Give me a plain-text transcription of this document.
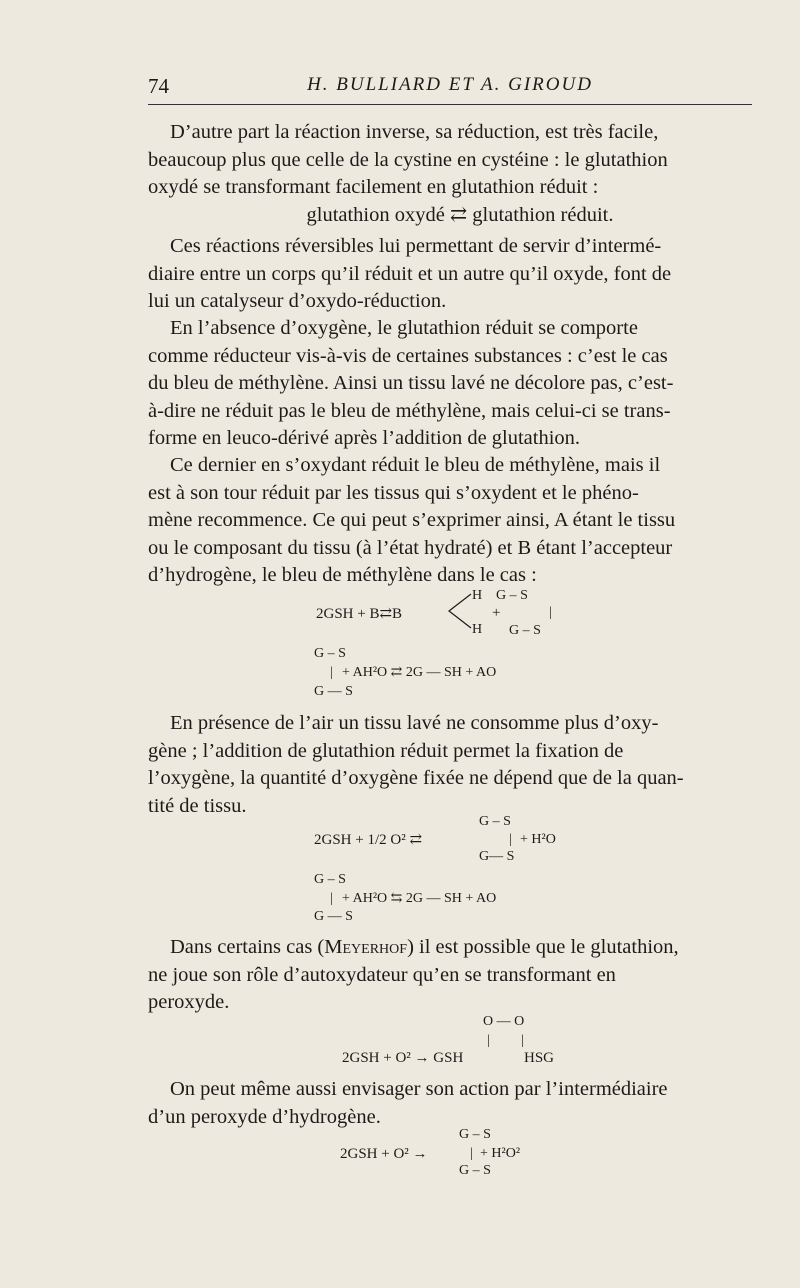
74	H. BULLIARD ET A. GIROUD

D’autre part la réaction inverse, sa réduction, est très facile,
beaucoup plus que celle de la cystine en cystéine : le glutathion
oxydé se transformant facilement en glutathion réduit :

glutathion oxydé ⇄ glutathion réduit.

Ces réactions réversibles lui permettant de servir d’intermé-
diaire entre un corps qu’il réduit et un autre qu’il oxyde, font de
lui un catalyseur d’oxydo-réduction.

En l’absence d’oxygène, le glutathion réduit se comporte
comme réducteur vis-à-vis de certaines substances : c’est le cas
du bleu de méthylène. Ainsi un tissu lavé ne décolore pas, c’est-
à-dire ne réduit pas le bleu de méthylène, mais celui-ci se trans-
forme en leuco-dérivé après l’addition de glutathion.

Ce dernier en s’oxydant réduit le bleu de méthylène, mais il
est à son tour réduit par les tissus qui s’oxydent et le phéno-
mène recommence. Ce qui peut s’exprimer ainsi, A étant le tissu
ou le composant du tissu (à l’état hydraté) et B étant l’accepteur
d’hydrogène, le bleu de méthylène dans le cas :

H G – S
2GSH + B⇄B	+	|
H G – S
G – S
| + AH²O ⇄ 2G — SH + AO
G — S

En présence de l’air un tissu lavé ne consomme plus d’oxy-
gène ; l’addition de glutathion réduit permet la fixation de
l’oxygène, la quantité d’oxygène fixée ne dépend que de la quan-
tité de tissu.

G – S
2GSH + 1/2 O² ⇄	| + H²O
G— S
G – S
| + AH²O ⇆ 2G — SH + AO
G — S

Dans certains cas (Meyerhof) il est possible que le glutathion,
ne joue son rôle d’autoxydateur qu’en se transformant en
peroxyde.

O — O
|         |
2GSH + O² → GSH	HSG

On peut même aussi envisager son action par l’intermédiaire
d’un peroxyde d’hydrogène.

G – S
2GSH + O² →	| + H²O²
G – S
